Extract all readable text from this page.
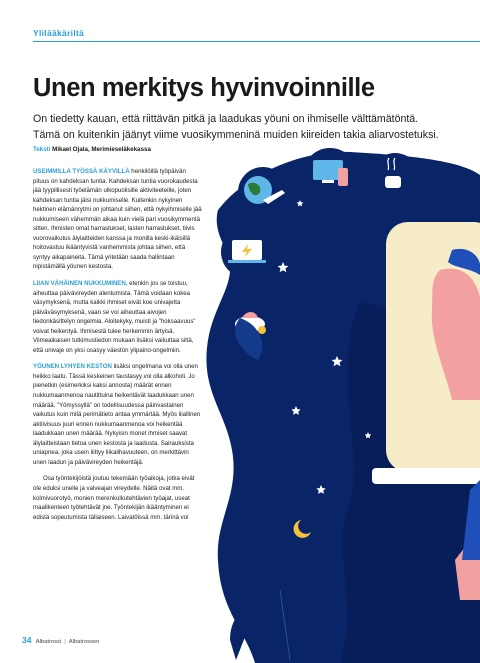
Ylilääkäriltä
Unen merkitys hyvinvoinnille
On tiedetty kauan, että riittävän pitkä ja laadukas yöuni on ihmiselle välttämätöntä.
Tämä on kuitenkin jäänyt viime vuosikymmeninä muiden kiireiden takia aliarvostetuksi.
Teksti Mikael Ojala, Merimieseläkekassa

USEIMMILLA TYÖSSÄ KÄYVILLÄ henkilöillä työpäivän pituus on kahdeksan tuntia. Kahdeksan tuntia vuorokaudesta jää tyypillisesti työelämän ulkopuolisille aktiviteeteille, joten kahdeksan tuntia jäisi nukkumiselle. Kuitenkin nykyinen hektinen elämänrytmi on johtanut siihen, että nykyihmiselle jää nukkumiseen vähemmän aikaa kuin vielä pari vuosikymmentä sitten. Ihmisten omat harrastukset, lasten harrastukset, tiivis vuorovaikutus älylaitteiden kanssa ja monilla keski-ikäisillä hoitovastuu ikääntyvistä vanhemmista johtaa siihen, että syntyy aikapaineita. Tämä yritetään saada hallintaan nipistämällä yöunen kestosta.

LIIAN VÄHÄINEN NUKKUMINEN, etenkin jos se toistuu, aiheuttaa päivävireyden alentumista. Tämä voidaan kokea väsymyksenä, mutta kaikki ihmiset eivät koe univajetta päiväväsymyksenä, vaan se voi aiheuttaa aivojen tiedonkäsittelyn ongelmia. Aloitekyky, muisti ja ”hoksaavuus” voivat heikentyä. Ihmisestä tulee herkemmin ärtyisä. Viimeaikaisen tutkimustiedon mukaan lisäksi vaikuttaa siltä, että univaje on yksi osasyy väestön ylipaino-ongelmiin.

YÖUNEN LYHYEN KESTON lisäksi ongelmana voi olla unen heikko laatu. Tässä keskeinen taustasyy voi olla alkoholi. Jo pienetkin (esimerkiksi kaksi annosta) määrät ennen nukkumaanmenoa nautittuina heikentävät laadukkaan unen määrää. ”Yömyssyllä” on todellisuudessa päinvastainen vaikutus kuin mitä perimätieto antaa ymmärtää. Myös liiallinen aktiivisuus juuri ennen nukkumaanmenoa voi heikentää laadukkaan unen määrää. Nykyisin monet ihmiset saavat älylaitteistaan tietoa unen kestosta ja laadusta. Sairauksista uniapnea, joka usein liittyy liikalihavuuteen, on merkittävin unen laadun ja päivävireyden heikentäjä.

Osa työntekijöistä joutuu tekemään työaikoja, jotka eivät ole eduksi unelle ja valveajan vireydelle. Näitä ovat mm. kolmivuorotyö, monien merenkulkutehtävien työajat, useat maalikenteen työtehtävät jne. Työntekijän ikääntyminen ei edistä sopeutumista tällaiseen. Laivatöissä mm. tärinä voi

34 Albatrossi | Albatrossen
